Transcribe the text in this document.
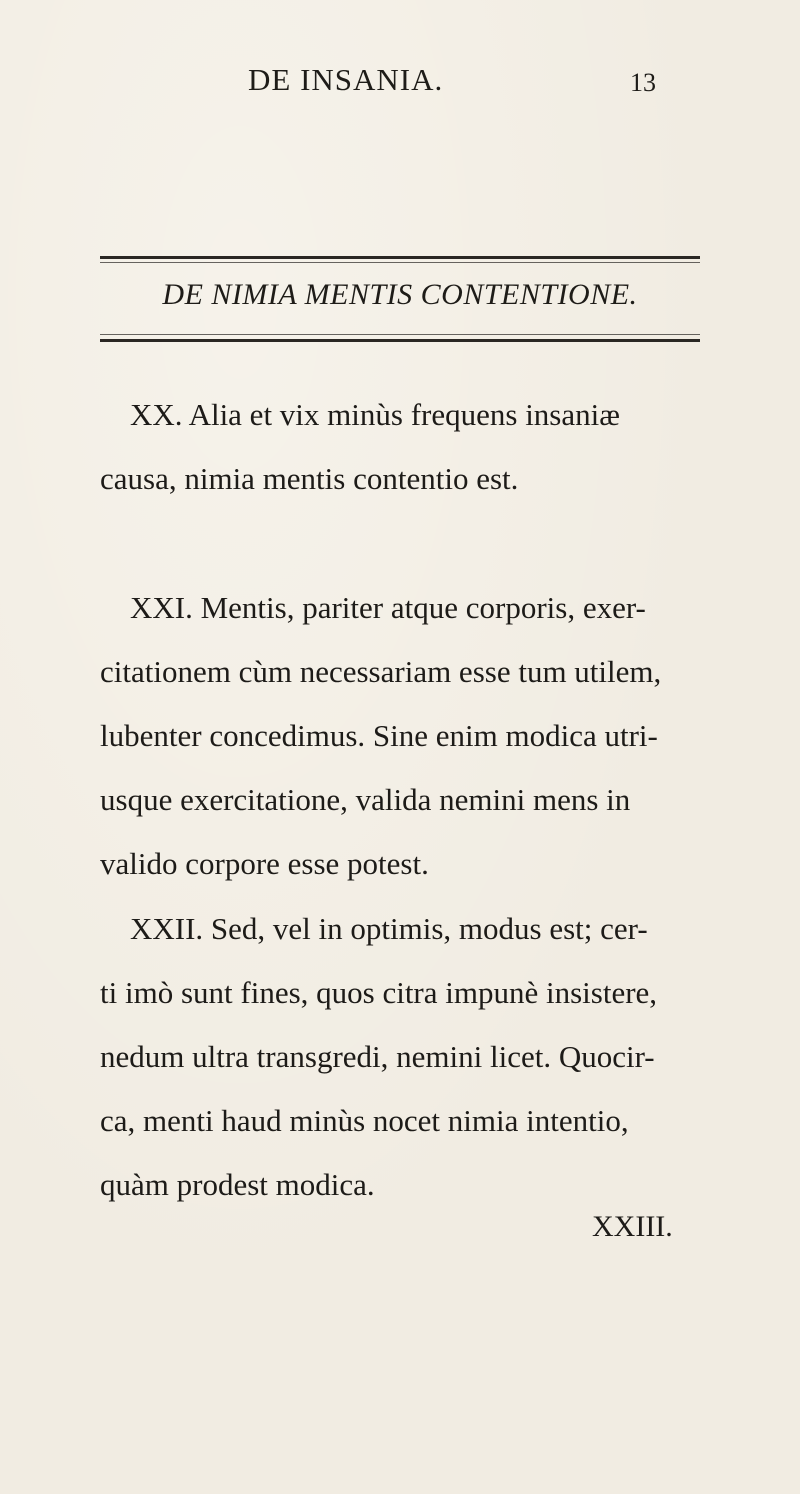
DE INSANIA.	13
DE NIMIA MENTIS CONTENTIONE.
XX. Alia et vix minùs frequens insaniæ
causa, nimia mentis contentio est.
XXI. Mentis, pariter atque corporis, exer-
citationem cùm necessariam esse tum utilem,
lubenter concedimus. Sine enim modica utri-
usque exercitatione, valida nemini mens in
valido corpore esse potest.
XXII. Sed, vel in optimis, modus est; cer-
ti imò sunt fines, quos citra impunè insistere,
nedum ultra transgredi, nemini licet. Quocir-
ca, menti haud minùs nocet nimia intentio,
quàm prodest modica.
XXIII.
